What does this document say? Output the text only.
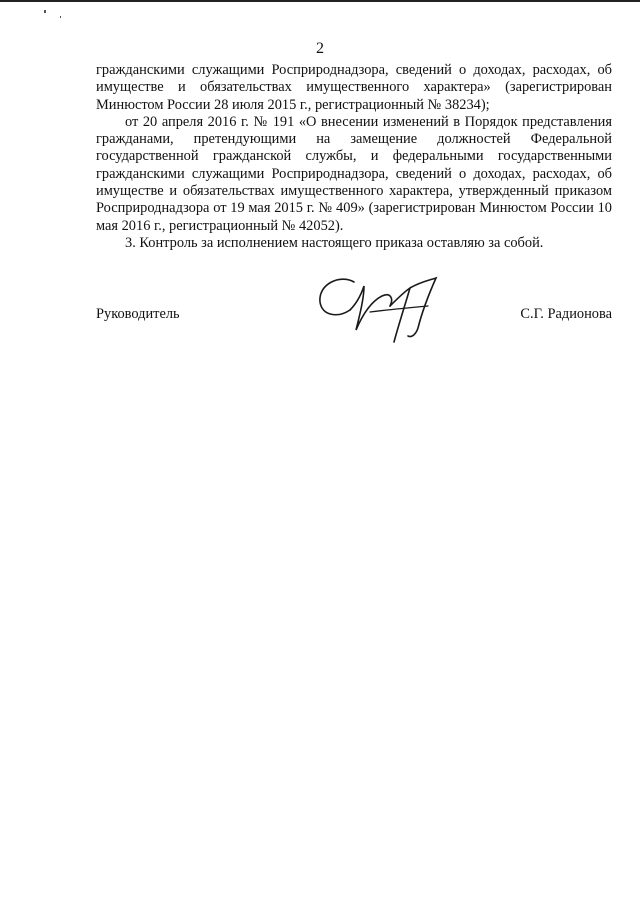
2

гражданскими служащими Росприроднадзора, сведений о доходах, расходах, об имуществе и обязательствах имущественного характера» (зарегистрирован Минюстом России 28 июля 2015 г., регистрационный № 38234);

от 20 апреля 2016 г. № 191 «О внесении изменений в Порядок представления гражданами, претендующими на замещение должностей Федеральной государственной гражданской службы, и федеральными государственными гражданскими служащими Росприроднадзора, сведений о доходах, расходах, об имуществе и обязательствах имущественного характера, утвержденный приказом Росприроднадзора от 19 мая 2015 г. № 409» (зарегистрирован Минюстом России 10 мая 2016 г., регистрационный № 42052).

3. Контроль за исполнением настоящего приказа оставляю за собой.

Руководитель	С.Г. Радионова
